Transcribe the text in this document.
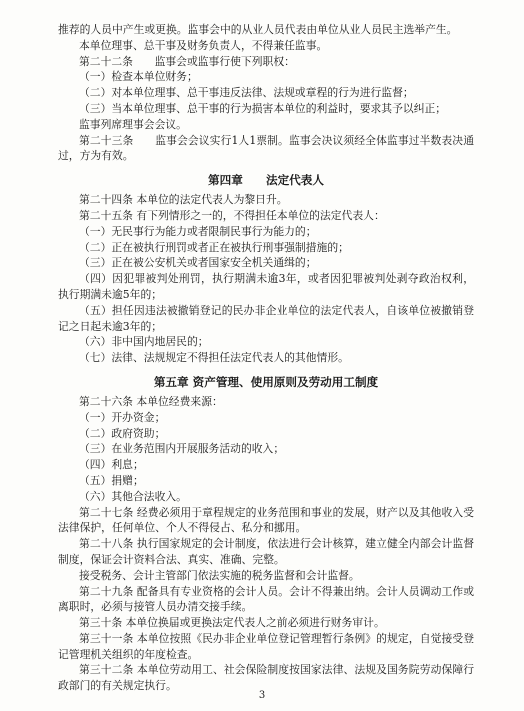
推荐的人员中产生或更换。监事会中的从业人员代表由单位从业人员民主选举产生。

本单位理事、总干事及财务负责人，不得兼任监事。

第二十二条　　监事会或监事行使下列职权：

（一）检查本单位财务；

（二）对本单位理事、总干事违反法律、法规或章程的行为进行监督；

（三）当本单位理事、总干事的行为损害本单位的利益时，要求其予以纠正；

监事列席理事会会议。

第二十三条　　监事会会议实行1人1票制。监事会决议须经全体监事过半数表决通过，方为有效。

第四章　　法定代表人

第二十四条 本单位的法定代表人为黎日升。

第二十五条 有下列情形之一的，不得担任本单位的法定代表人：

（一）无民事行为能力或者限制民事行为能力的；

（二）正在被执行刑罚或者正在被执行刑事强制措施的；

（三）正在被公安机关或者国家安全机关通缉的；

（四）因犯罪被判处刑罚，执行期满未逾3年，或者因犯罪被判处剥夺政治权利，执行期满未逾5年的；

（五）担任因违法被撤销登记的民办非企业单位的法定代表人，自该单位被撤销登记之日起未逾3年的；

（六）非中国内地居民的；

（七）法律、法规规定不得担任法定代表人的其他情形。

第五章 资产管理、使用原则及劳动用工制度

第二十六条 本单位经费来源：

（一）开办资金；

（二）政府资助；

（三）在业务范围内开展服务活动的收入；

（四）利息；

（五）捐赠；

（六）其他合法收入。

第二十七条 经费必须用于章程规定的业务范围和事业的发展，财产以及其他收入受法律保护，任何单位、个人不得侵占、私分和挪用。

第二十八条 执行国家规定的会计制度，依法进行会计核算，建立健全内部会计监督制度，保证会计资料合法、真实、准确、完整。

接受税务、会计主管部门依法实施的税务监督和会计监督。

第二十九条 配备具有专业资格的会计人员。会计不得兼出纳。会计人员调动工作或离职时，必须与接管人员办清交接手续。

第三十条 本单位换届或更换法定代表人之前必须进行财务审计。

第三十一条 本单位按照《民办非企业单位登记管理暂行条例》的规定，自觉接受登记管理机关组织的年度检查。

第三十二条 本单位劳动用工、社会保险制度按国家法律、法规及国务院劳动保障行政部门的有关规定执行。

3
